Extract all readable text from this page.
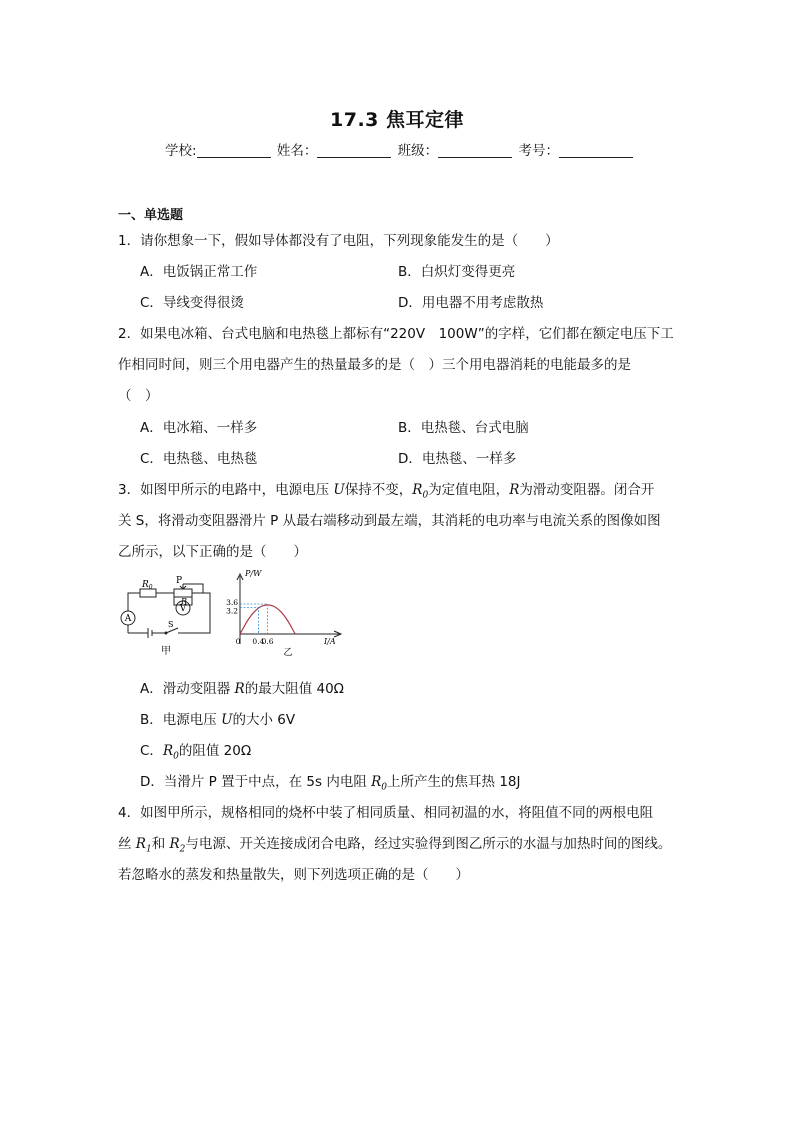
17.3 焦耳定律
学校:	姓名：	班级：	考号：
一、单选题
1．请你想象一下，假如导体都没有了电阻，下列现象能发生的是（　　）
A．电饭锅正常工作	B．白炽灯变得更亮
C．导线变得很烫	D．用电器不用考虑散热
2．如果电冰箱、台式电脑和电热毯上都标有“220V　100W”的字样，它们都在额定电压下工
作相同时间，则三个用电器产生的热量最多的是（　）三个用电器消耗的电能最多的是
（　）
A．电冰箱、一样多	B．电热毯、台式电脑
C．电热毯、电热毯	D．电热毯、一样多
3．如图甲所示的电路中，电源电压 U保持不变，$R_0$为定值电阻，R为滑动变阻器。闭合开
关 S，将滑动变阻器滑片 P 从最右端移动到最左端，其消耗的电功率与电流关系的图像如图
乙所示，以下正确的是（　　）
$R_0$
P
R
A
V
S
甲
0 0.4
0.6
3.6
3.2
P/W
I/A
乙
A．滑动变阻器 R的最大阻值 40Ω
B．电源电压 U的大小 6V
C．$R_0$的阻值 20Ω
D．当滑片 P 置于中点，在 5s 内电阻 $R_0$上所产生的焦耳热 18J
4．如图甲所示，规格相同的烧杯中装了相同质量、相同初温的水，将阻值不同的两根电阻
丝 $R_1$和 $R_2$与电源、开关连接成闭合电路，经过实验得到图乙所示的水温与加热时间的图线。
若忽略水的蒸发和热量散失，则下列选项正确的是（　　）
